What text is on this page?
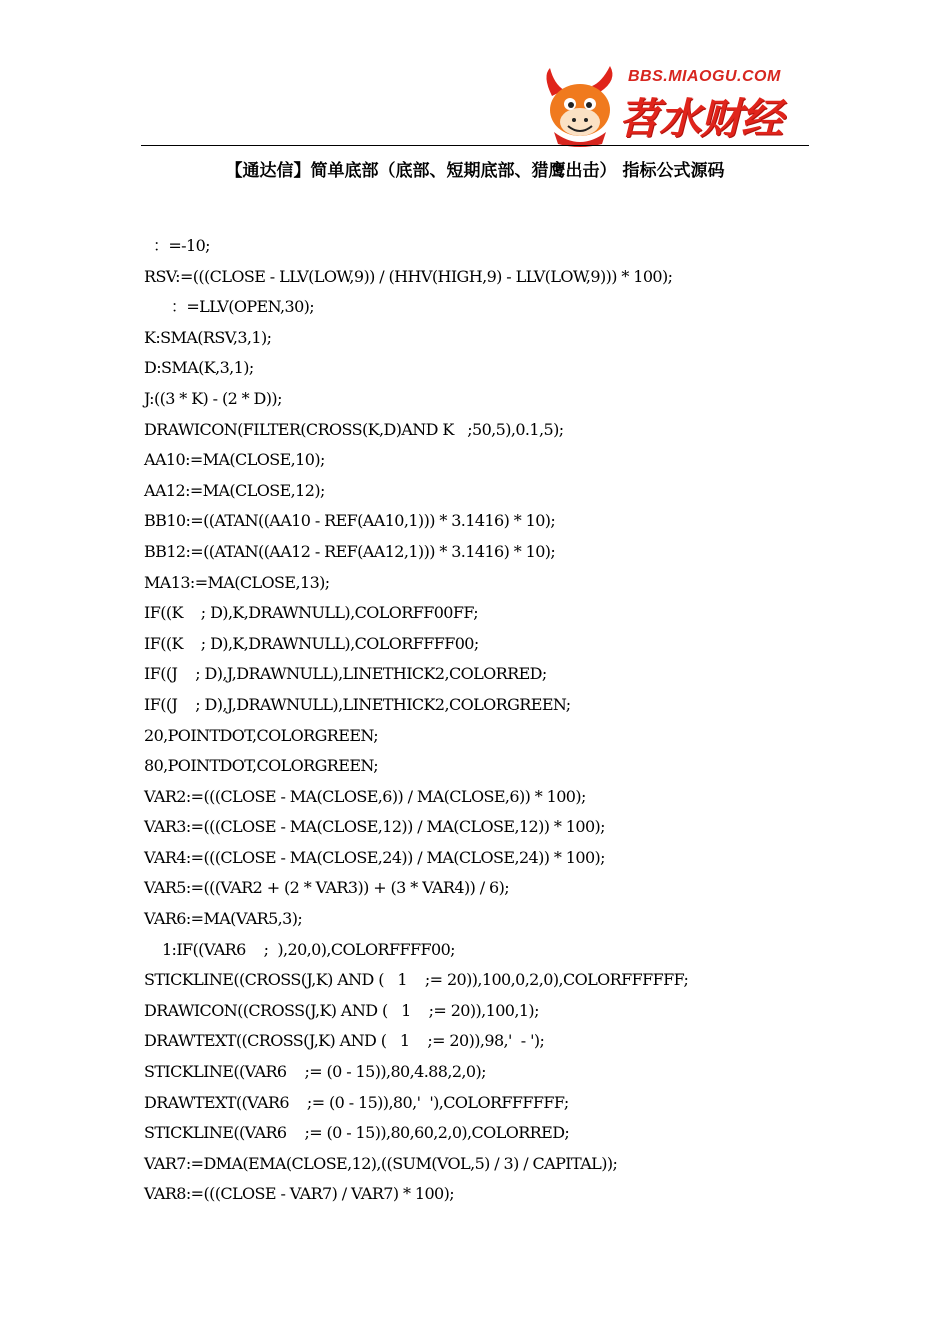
BBS.MIAOGU.COM
苕水财经
【通达信】简单底部（底部、短期底部、猎鹰出击） 指标公式源码
：=-10;
RSV:=(((CLOSE - LLV(LOW,9)) / (HHV(HIGH,9) - LLV(LOW,9))) * 100);
：=LLV(OPEN,30);
K:SMA(RSV,3,1);
D:SMA(K,3,1);
J:((3 * K) - (2 * D));
DRAWICON(FILTER(CROSS(K,D)AND K   ;50,5),0.1,5);
AA10:=MA(CLOSE,10);
AA12:=MA(CLOSE,12);
BB10:=((ATAN((AA10 - REF(AA10,1))) * 3.1416) * 10);
BB12:=((ATAN((AA12 - REF(AA12,1))) * 3.1416) * 10);
MA13:=MA(CLOSE,13);
IF((K    ; D),K,DRAWNULL),COLORFF00FF;
IF((K    ; D),K,DRAWNULL),COLORFFFF00;
IF((J    ; D),J,DRAWNULL),LINETHICK2,COLORRED;
IF((J    ; D),J,DRAWNULL),LINETHICK2,COLORGREEN;
20,POINTDOT,COLORGREEN;
80,POINTDOT,COLORGREEN;
VAR2:=(((CLOSE - MA(CLOSE,6)) / MA(CLOSE,6)) * 100);
VAR3:=(((CLOSE - MA(CLOSE,12)) / MA(CLOSE,12)) * 100);
VAR4:=(((CLOSE - MA(CLOSE,24)) / MA(CLOSE,24)) * 100);
VAR5:=(((VAR2 + (2 * VAR3)) + (3 * VAR4)) / 6);
VAR6:=MA(VAR5,3);
1:IF((VAR6    ;  ),20,0),COLORFFFF00;
STICKLINE((CROSS(J,K) AND (   1    ;= 20)),100,0,2,0),COLORFFFFFF;
DRAWICON((CROSS(J,K) AND (   1    ;= 20)),100,1);
DRAWTEXT((CROSS(J,K) AND (   1    ;= 20)),98,'  - ');
STICKLINE((VAR6    ;= (0 - 15)),80,4.88,2,0);
DRAWTEXT((VAR6    ;= (0 - 15)),80,'  '),COLORFFFFFF;
STICKLINE((VAR6    ;= (0 - 15)),80,60,2,0),COLORRED;
VAR7:=DMA(EMA(CLOSE,12),((SUM(VOL,5) / 3) / CAPITAL));
VAR8:=(((CLOSE - VAR7) / VAR7) * 100);
